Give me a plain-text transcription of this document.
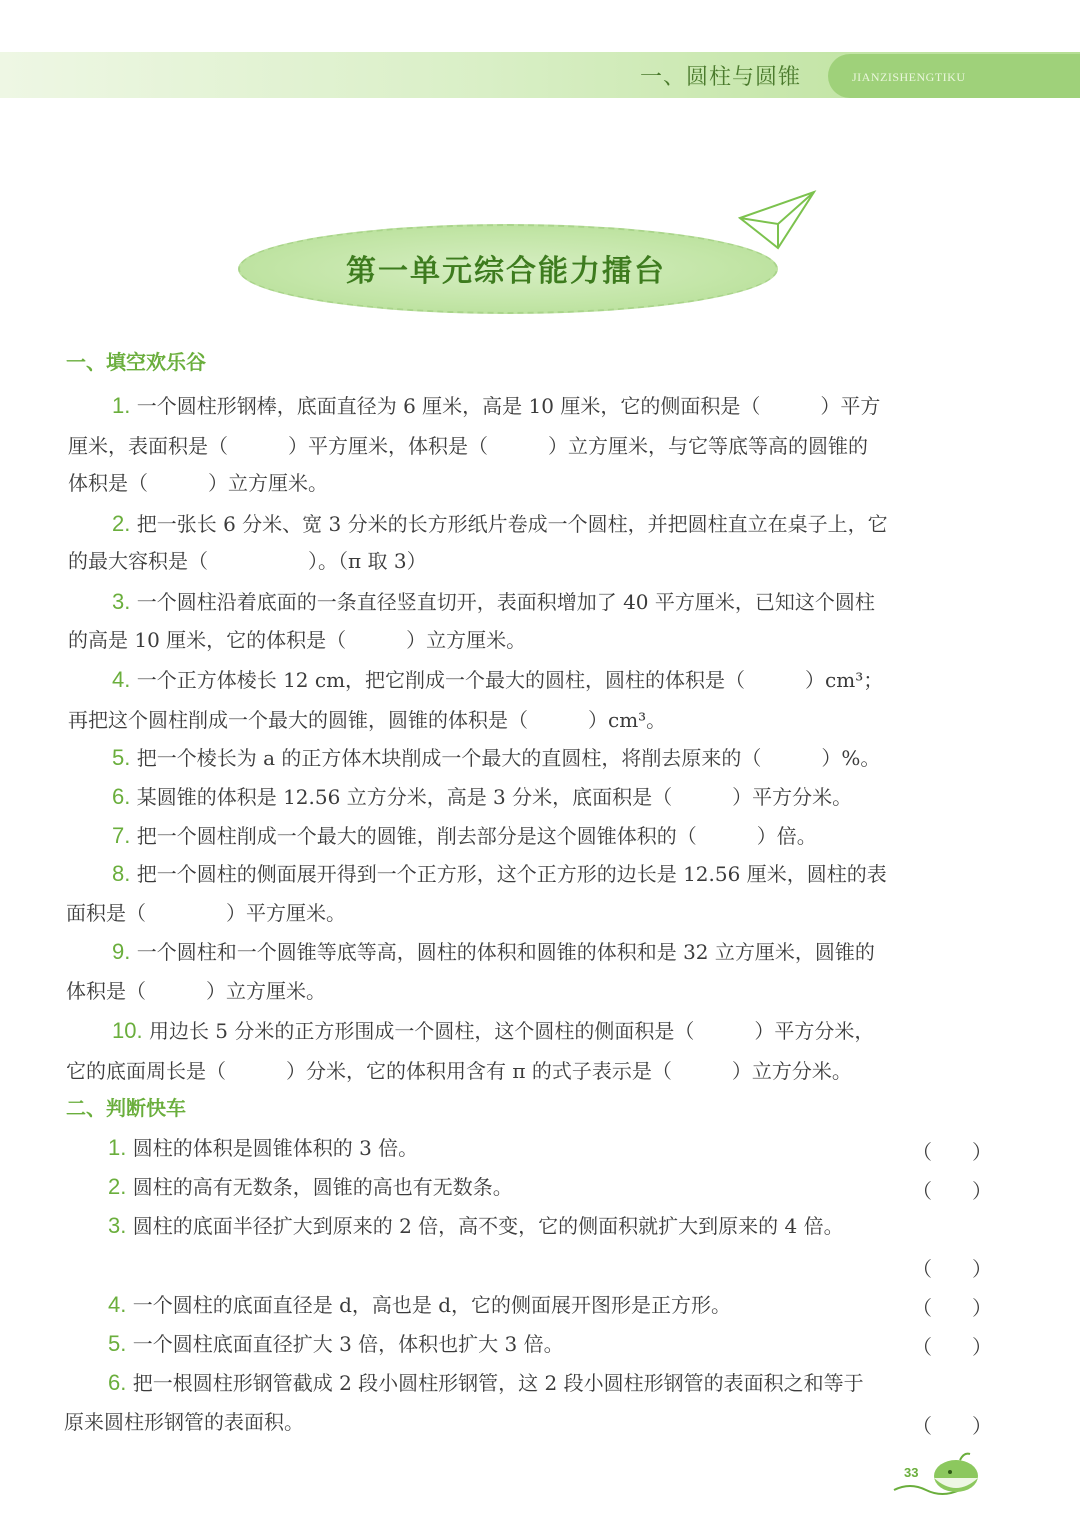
一、圆柱与圆锥	JIANZISHENGTIKU
第一单元综合能力擂台
一、填空欢乐谷
1. 一个圆柱形钢棒，底面直径为 6 厘米，高是 10 厘米，它的侧面积是（　　　）平方
厘米，表面积是（　　　）平方厘米，体积是（　　　）立方厘米，与它等底等高的圆锥的
体积是（　　　）立方厘米。
2. 把一张长 6 分米、宽 3 分米的长方形纸片卷成一个圆柱，并把圆柱直立在桌子上，它
的最大容积是（　　　　　）。（π 取 3）
3. 一个圆柱沿着底面的一条直径竖直切开，表面积增加了 40 平方厘米，已知这个圆柱
的高是 10 厘米，它的体积是（　　　）立方厘米。
4. 一个正方体棱长 12 cm，把它削成一个最大的圆柱，圆柱的体积是（　　　）cm³；
再把这个圆柱削成一个最大的圆锥，圆锥的体积是（　　　）cm³。
5. 把一个棱长为 a 的正方体木块削成一个最大的直圆柱，将削去原来的（　　　）%。
6. 某圆锥的体积是 12.56 立方分米，高是 3 分米，底面积是（　　　）平方分米。
7. 把一个圆柱削成一个最大的圆锥，削去部分是这个圆锥体积的（　　　）倍。
8. 把一个圆柱的侧面展开得到一个正方形，这个正方形的边长是 12.56 厘米，圆柱的表
面积是（　　　　）平方厘米。
9. 一个圆柱和一个圆锥等底等高，圆柱的体积和圆锥的体积和是 32 立方厘米，圆锥的
体积是（　　　）立方厘米。
10. 用边长 5 分米的正方形围成一个圆柱，这个圆柱的侧面积是（　　　）平方分米，
它的底面周长是（　　　）分米，它的体积用含有 π 的式子表示是（　　　）立方分米。
二、判断快车
1. 圆柱的体积是圆锥体积的 3 倍。	（　　）
2. 圆柱的高有无数条，圆锥的高也有无数条。	（　　）
3. 圆柱的底面半径扩大到原来的 2 倍，高不变，它的侧面积就扩大到原来的 4 倍。
（　　）
4. 一个圆柱的底面直径是 d，高也是 d，它的侧面展开图形是正方形。	（　　）
5. 一个圆柱底面直径扩大 3 倍，体积也扩大 3 倍。	（　　）
6. 把一根圆柱形钢管截成 2 段小圆柱形钢管，这 2 段小圆柱形钢管的表面积之和等于
原来圆柱形钢管的表面积。	（　　）
33
